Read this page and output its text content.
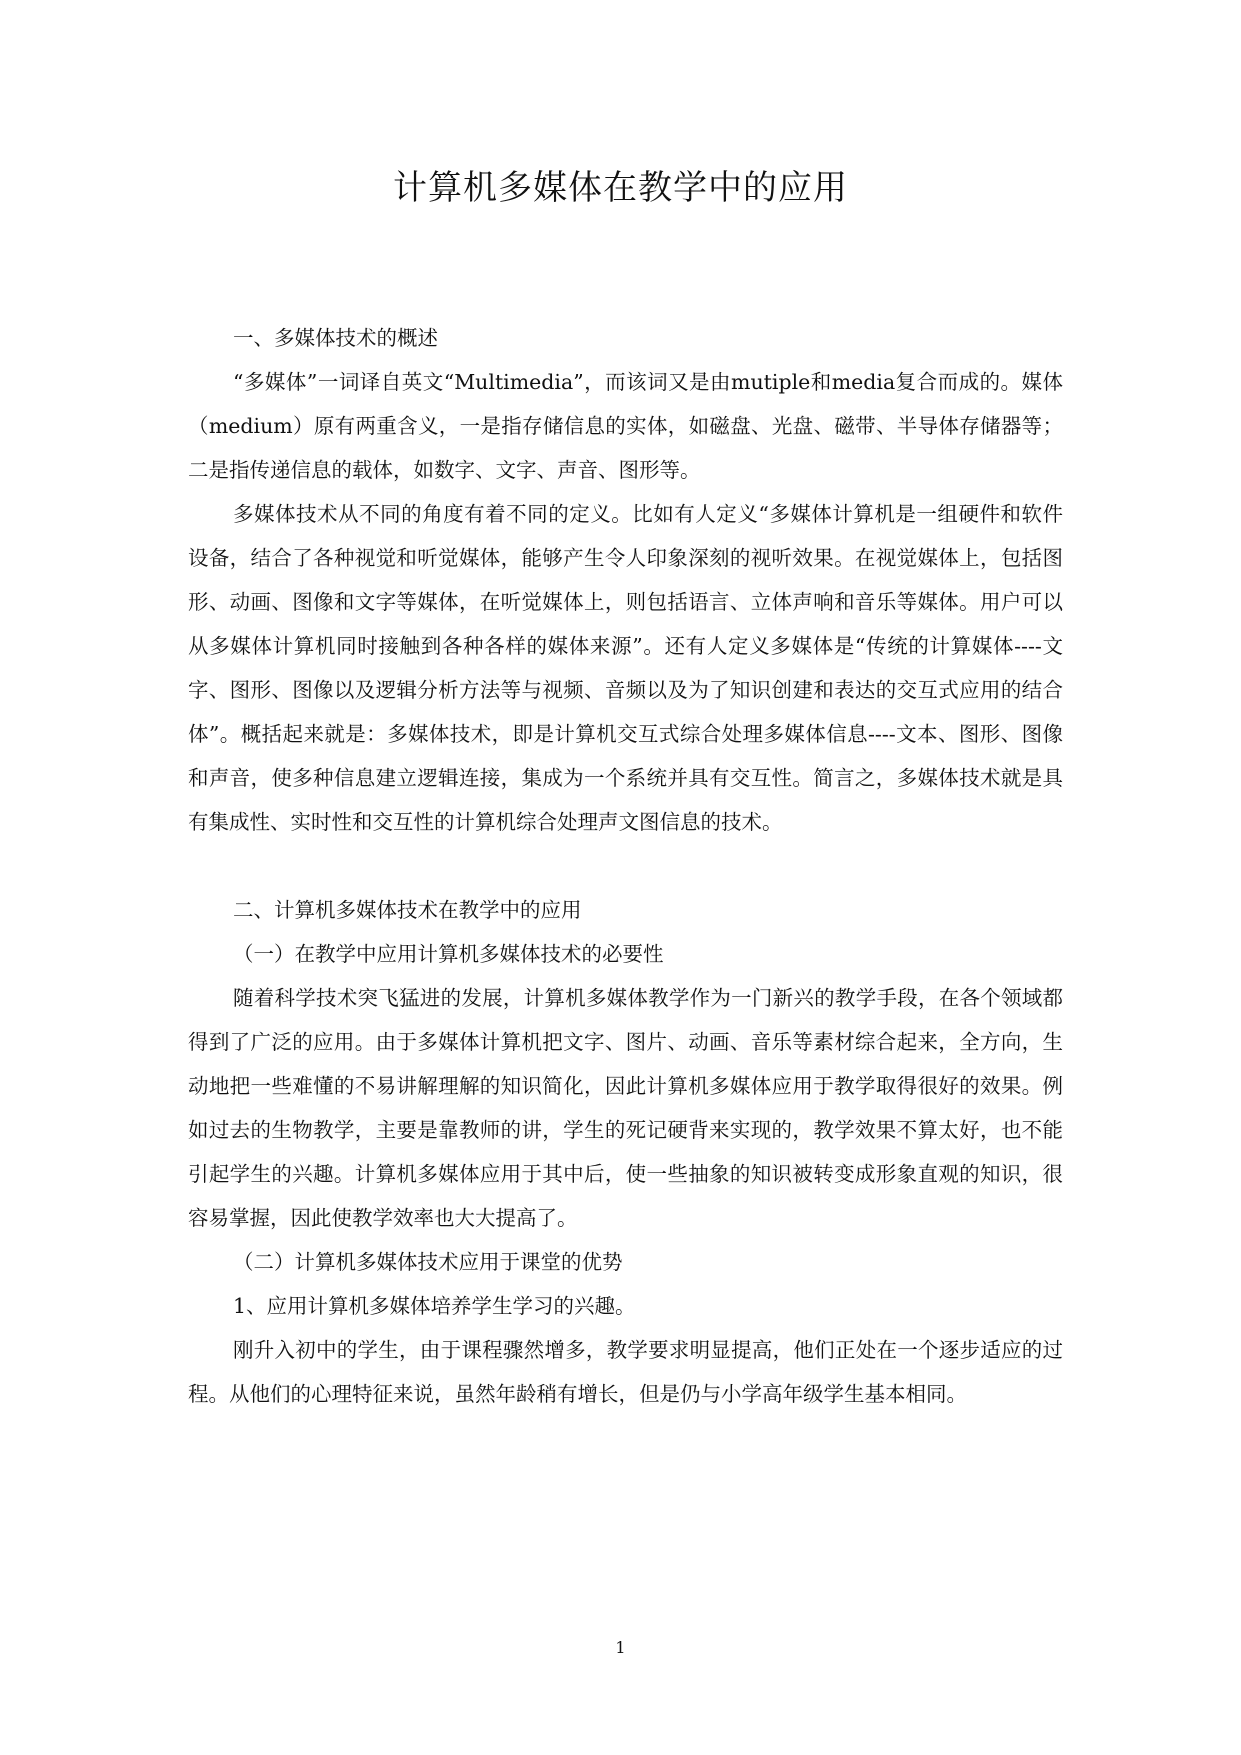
计算机多媒体在教学中的应用

一、多媒体技术的概述

“多媒体”一词译自英文“Multimedia”，而该词又是由mutiple和media复合而成的。媒体（medium）原有两重含义，一是指存储信息的实体，如磁盘、光盘、磁带、半导体存储器等；二是指传递信息的载体，如数字、文字、声音、图形等。

多媒体技术从不同的角度有着不同的定义。比如有人定义“多媒体计算机是一组硬件和软件设备，结合了各种视觉和听觉媒体，能够产生令人印象深刻的视听效果。在视觉媒体上，包括图形、动画、图像和文字等媒体，在听觉媒体上，则包括语言、立体声响和音乐等媒体。用户可以从多媒体计算机同时接触到各种各样的媒体来源”。还有人定义多媒体是“传统的计算媒体----文字、图形、图像以及逻辑分析方法等与视频、音频以及为了知识创建和表达的交互式应用的结合体”。概括起来就是：多媒体技术，即是计算机交互式综合处理多媒体信息----文本、图形、图像和声音，使多种信息建立逻辑连接，集成为一个系统并具有交互性。简言之，多媒体技术就是具有集成性、实时性和交互性的计算机综合处理声文图信息的技术。

二、计算机多媒体技术在教学中的应用

（一）在教学中应用计算机多媒体技术的必要性

随着科学技术突飞猛进的发展，计算机多媒体教学作为一门新兴的教学手段，在各个领域都得到了广泛的应用。由于多媒体计算机把文字、图片、动画、音乐等素材综合起来，全方向，生动地把一些难懂的不易讲解理解的知识简化，因此计算机多媒体应用于教学取得很好的效果。例如过去的生物教学，主要是靠教师的讲，学生的死记硬背来实现的，教学效果不算太好，也不能引起学生的兴趣。计算机多媒体应用于其中后，使一些抽象的知识被转变成形象直观的知识，很容易掌握，因此使教学效率也大大提高了。

（二）计算机多媒体技术应用于课堂的优势

1、应用计算机多媒体培养学生学习的兴趣。

刚升入初中的学生，由于课程骤然增多，教学要求明显提高，他们正处在一个逐步适应的过程。从他们的心理特征来说，虽然年龄稍有增长，但是仍与小学高年级学生基本相同。

1
